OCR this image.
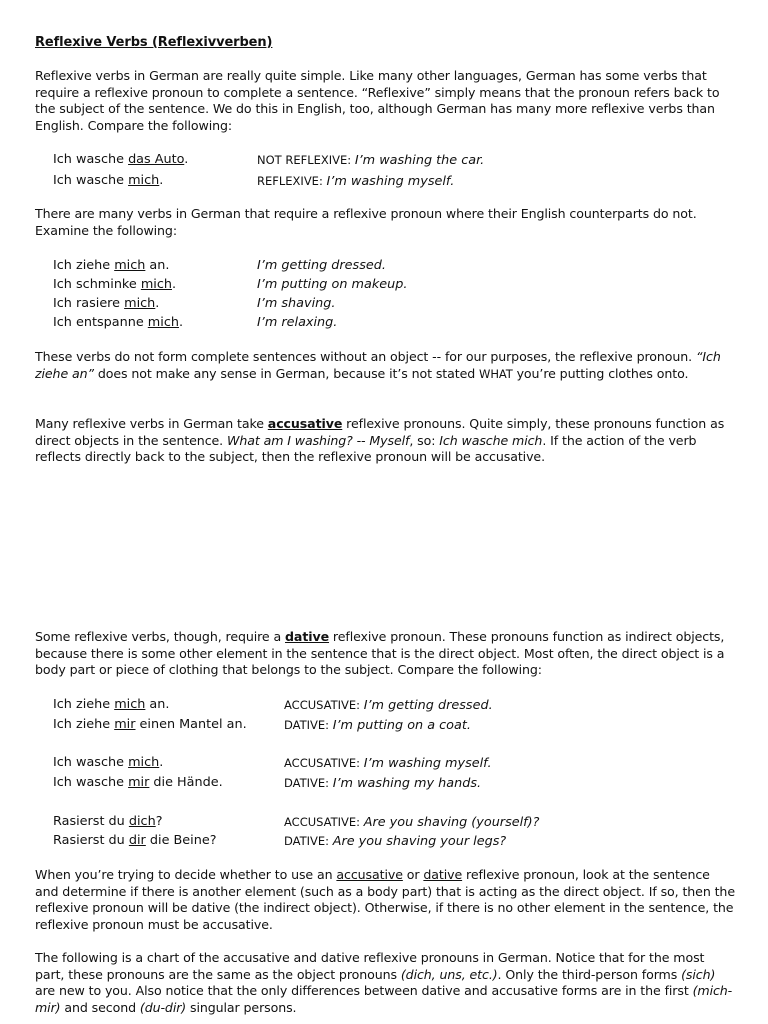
Reflexive Verbs (Reflexivverben)

Reflexive verbs in German are really quite simple. Like many other languages, German has some verbs that require a reflexive pronoun to complete a sentence. “Reflexive” simply means that the pronoun refers back to the subject of the sentence. We do this in English, too, although German has many more reflexive verbs than English. Compare the following:

Ich wasche das Auto.	NOT REFLEXIVE: I’m washing the car.
Ich wasche mich.	REFLEXIVE: I’m washing myself.

There are many verbs in German that require a reflexive pronoun where their English counterparts do not. Examine the following:

Ich ziehe mich an.	I’m getting dressed.
Ich schminke mich.	I’m putting on makeup.
Ich rasiere mich.	I’m shaving.
Ich entspanne mich.	I’m relaxing.

These verbs do not form complete sentences without an object -- for our purposes, the reflexive pronoun. “Ich ziehe an” does not make any sense in German, because it’s not stated WHAT you’re putting clothes onto.

Many reflexive verbs in German take accusative reflexive pronouns. Quite simply, these pronouns function as direct objects in the sentence. What am I washing? -- Myself, so: Ich wasche mich. If the action of the verb reflects directly back to the subject, then the reflexive pronoun will be accusative.

Some reflexive verbs, though, require a dative reflexive pronoun. These pronouns function as indirect objects, because there is some other element in the sentence that is the direct object. Most often, the direct object is a body part or piece of clothing that belongs to the subject. Compare the following:

Ich ziehe mich an.	ACCUSATIVE: I’m getting dressed.
Ich ziehe mir einen Mantel an.	DATIVE: I’m putting on a coat.
Ich wasche mich.	ACCUSATIVE: I’m washing myself.
Ich wasche mir die Hände.	DATIVE: I’m washing my hands.
Rasierst du dich?	ACCUSATIVE: Are you shaving (yourself)?
Rasierst du dir die Beine?	DATIVE: Are you shaving your legs?

When you’re trying to decide whether to use an accusative or dative reflexive pronoun, look at the sentence and determine if there is another element (such as a body part) that is acting as the direct object. If so, then the reflexive pronoun will be dative (the indirect object). Otherwise, if there is no other element in the sentence, the reflexive pronoun must be accusative.

The following is a chart of the accusative and dative reflexive pronouns in German. Notice that for the most part, these pronouns are the same as the object pronouns (dich, uns, etc.). Only the third-person forms (sich) are new to you. Also notice that the only differences between dative and accusative forms are in the first (mich-mir) and second (du-dir) singular persons.
